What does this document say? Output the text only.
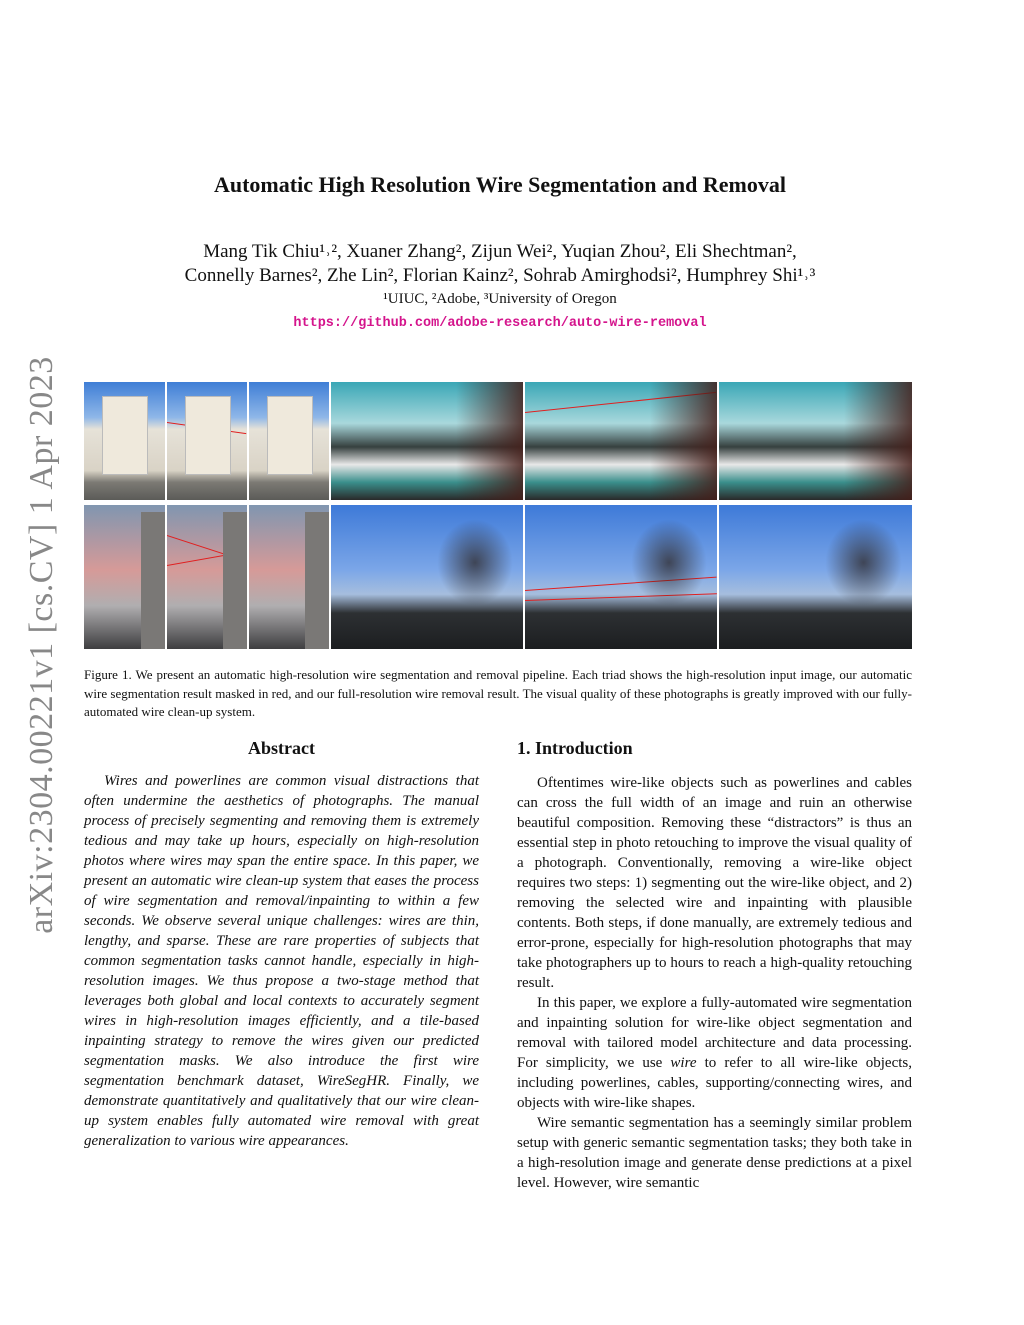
arXiv:2304.00221v1 [cs.CV] 1 Apr 2023
Automatic High Resolution Wire Segmentation and Removal
Mang Tik Chiu¹˒², Xuaner Zhang², Zijun Wei², Yuqian Zhou², Eli Shechtman²,
Connelly Barnes², Zhe Lin², Florian Kainz², Sohrab Amirghodsi², Humphrey Shi¹˒³
¹UIUC, ²Adobe, ³University of Oregon
https://github.com/adobe-research/auto-wire-removal
Figure 1. We present an automatic high-resolution wire segmentation and removal pipeline. Each triad shows the high-resolution input image, our automatic wire segmentation result masked in red, and our full-resolution wire removal result. The visual quality of these photographs is greatly improved with our fully-automated wire clean-up system.
Abstract

Wires and powerlines are common visual distractions that often undermine the aesthetics of photographs. The manual process of precisely segmenting and removing them is extremely tedious and may take up hours, especially on high-resolution photos where wires may span the entire space. In this paper, we present an automatic wire clean-up system that eases the process of wire segmentation and removal/inpainting to within a few seconds. We observe several unique challenges: wires are thin, lengthy, and sparse. These are rare properties of subjects that common segmentation tasks cannot handle, especially in high-resolution images. We thus propose a two-stage method that leverages both global and local contexts to accurately segment wires in high-resolution images efficiently, and a tile-based inpainting strategy to remove the wires given our predicted segmentation masks. We also introduce the first wire segmentation benchmark dataset, WireSegHR. Finally, we demonstrate quantitatively and qualitatively that our wire clean-up system enables fully automated wire removal with great generalization to various wire appearances.

1. Introduction

Oftentimes wire-like objects such as powerlines and cables can cross the full width of an image and ruin an otherwise beautiful composition. Removing these “distractors” is thus an essential step in photo retouching to improve the visual quality of a photograph. Conventionally, removing a wire-like object requires two steps: 1) segmenting out the wire-like object, and 2) removing the selected wire and inpainting with plausible contents. Both steps, if done manually, are extremely tedious and error-prone, especially for high-resolution photographs that may take photographers up to hours to reach a high-quality retouching result.

In this paper, we explore a fully-automated wire segmentation and inpainting solution for wire-like object segmentation and removal with tailored model architecture and data processing. For simplicity, we use wire to refer to all wire-like objects, including powerlines, cables, supporting/connecting wires, and objects with wire-like shapes.

Wire semantic segmentation has a seemingly similar problem setup with generic semantic segmentation tasks; they both take in a high-resolution image and generate dense predictions at a pixel level. However, wire semantic
